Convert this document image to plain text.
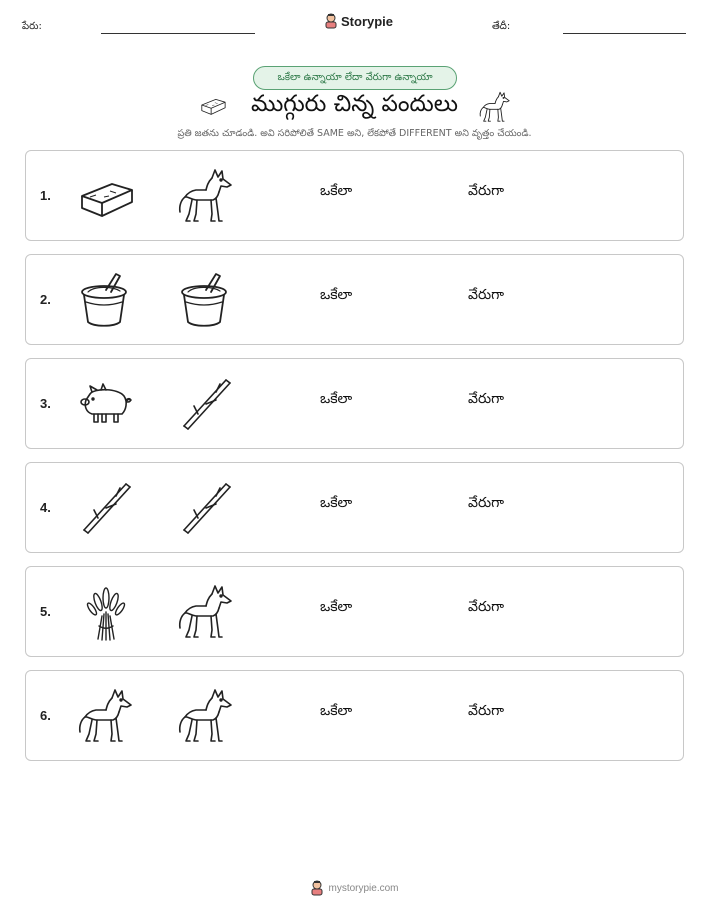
పేరు:	Storypie	తేదీ:
ఒకేలా ఉన్నాయా లేదా వేరుగా ఉన్నాయా
ముగ్గురు చిన్న పందులు
ప్రతి జతను చూడండి. అవి సరిపోలితే SAME అని, లేకపోతే DIFFERENT అని వృత్తం చేయండి.
1.	ఒకేలా	వేరుగా
2.	ఒకేలా	వేరుగా
3.	ఒకేలా	వేరుగా
4.	ఒకేలా	వేరుగా
5.	ఒకేలా	వేరుగా
6.	ఒకేలా	వేరుగా
mystorypie.com
